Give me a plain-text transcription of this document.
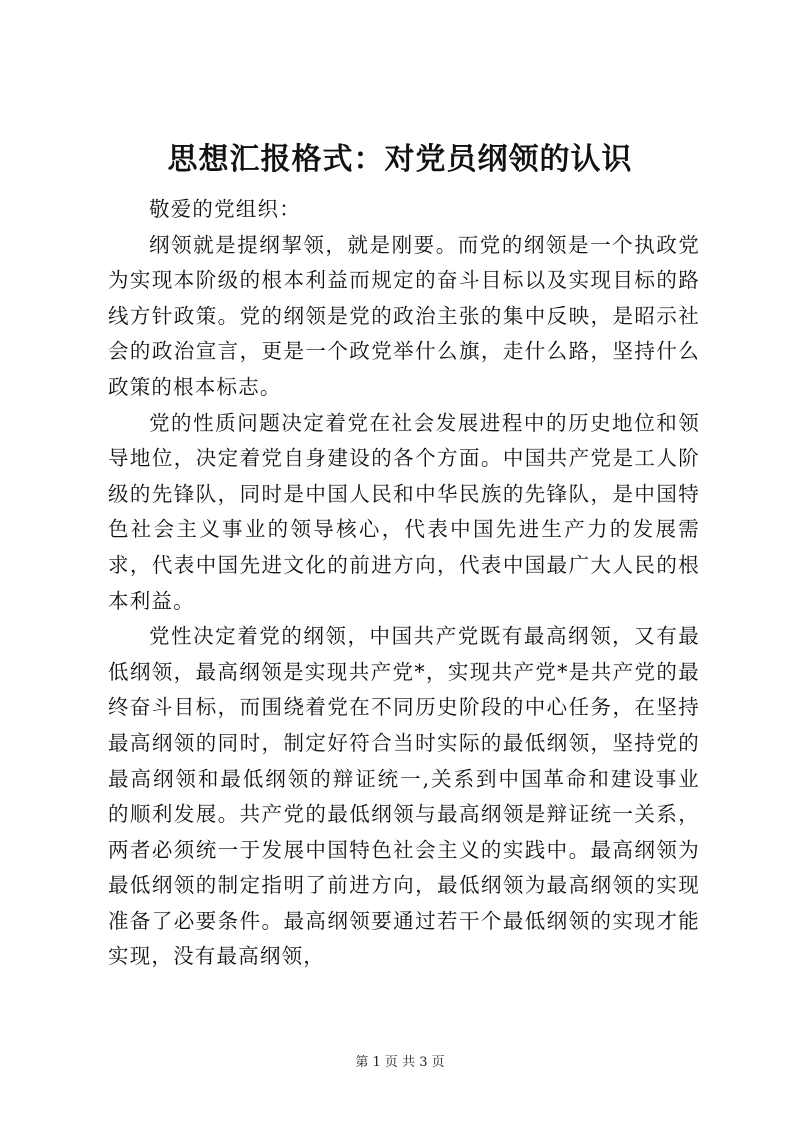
思想汇报格式：对党员纲领的认识

敬爱的党组织：

纲领就是提纲挈领，就是刚要。而党的纲领是一个执政党为实现本阶级的根本利益而规定的奋斗目标以及实现目标的路线方针政策。党的纲领是党的政治主张的集中反映，是昭示社会的政治宣言，更是一个政党举什么旗，走什么路，坚持什么政策的根本标志。

党的性质问题决定着党在社会发展进程中的历史地位和领导地位，决定着党自身建设的各个方面。中国共产党是工人阶级的先锋队，同时是中国人民和中华民族的先锋队，是中国特色社会主义事业的领导核心，代表中国先进生产力的发展需求，代表中国先进文化的前进方向，代表中国最广大人民的根本利益。

党性决定着党的纲领，中国共产党既有最高纲领，又有最低纲领，最高纲领是实现共产党*，实现共产党*是共产党的最终奋斗目标，而围绕着党在不同历史阶段的中心任务，在坚持最高纲领的同时，制定好符合当时实际的最低纲领，坚持党的最高纲领和最低纲领的辩证统一,关系到中国革命和建设事业的顺利发展。共产党的最低纲领与最高纲领是辩证统一关系，两者必须统一于发展中国特色社会主义的实践中。最高纲领为最低纲领的制定指明了前进方向，最低纲领为最高纲领的实现准备了必要条件。最高纲领要通过若干个最低纲领的实现才能实现，没有最高纲领，

第 1 页 共 3 页
